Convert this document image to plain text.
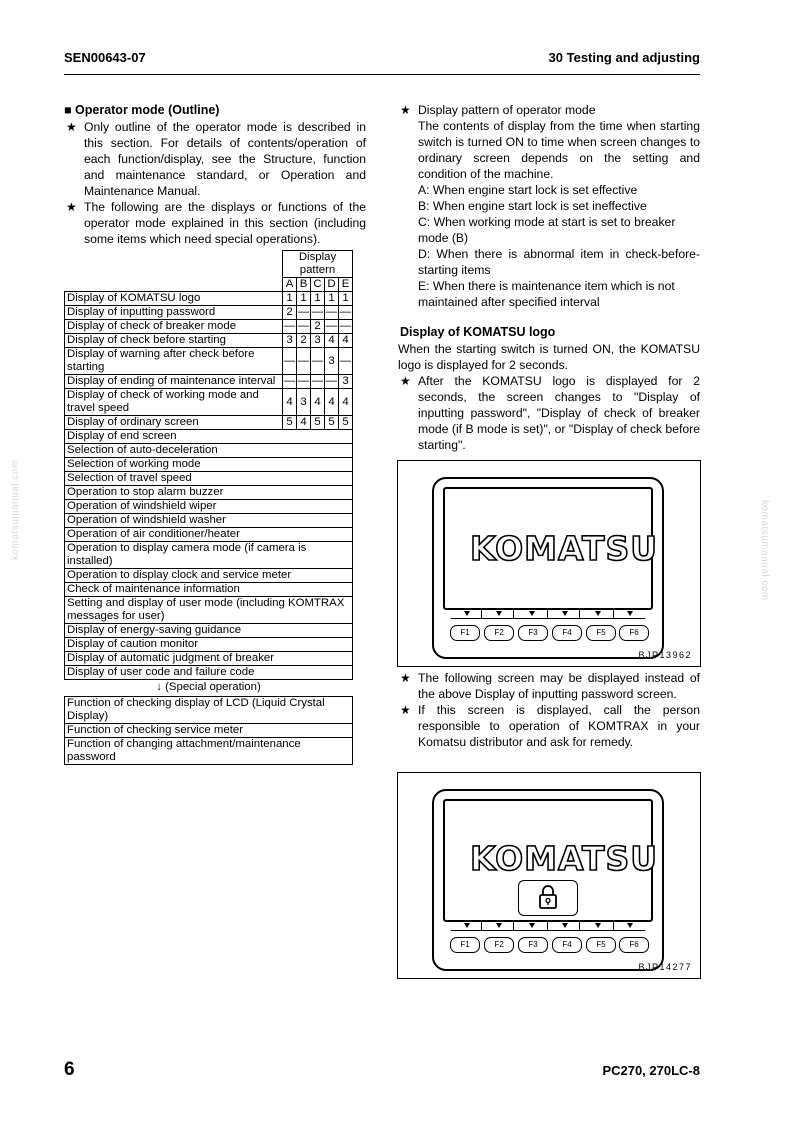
SEN00643-07	30 Testing and adjusting
komatsumanual.com	komatsumanual.com
■ Operator mode (Outline)
★ Only outline of the operator mode is described in this section. For details of contents/operation of each function/display, see the Structure, function and maintenance standard, or Operation and Maintenance Manual.
★ The following are the displays or functions of the operator mode explained in this section (including some items which need special operations).
	Display pattern				
	A	B	C	D	E
Display of KOMATSU logo	1	1	1	1	1
Display of inputting password	2	—	—	—	—
Display of check of breaker mode	—	—	2	—	—
Display of check before starting	3	2	3	4	4
Display of warning after check before starting	—	—	—	3	—
Display of ending of maintenance interval	—	—	—	—	3
Display of check of working mode and travel speed	4	3	4	4	4
Display of ordinary screen	5	4	5	5	5
Display of end screen					
Selection of auto-deceleration					
Selection of working mode					
Selection of travel speed					
Operation to stop alarm buzzer					
Operation of windshield wiper					
Operation of windshield washer					
Operation of air conditioner/heater					
Operation to display camera mode (if camera is installed)					
Operation to display clock and service meter					
Check of maintenance information					
Setting and display of user mode (including KOMTRAX messages for user)					
Display of energy-saving guidance					
Display of caution monitor					
Display of automatic judgment of breaker					
Display of user code and failure code					
↓ (Special operation)
Function of checking display of LCD (Liquid Crystal Display)
Function of checking service meter
Function of changing attachment/maintenance password
★ Display pattern of operator mode
The contents of display from the time when starting switch is turned ON to time when screen changes to ordinary screen depends on the setting and condition of the machine.
A: When engine start lock is set effective
B: When engine start lock is set ineffective
C: When working mode at start is set to breaker mode (B)
D: When there is abnormal item in check-before-starting items
E: When there is maintenance item which is not maintained after specified interval
Display of KOMATSU logo
When the starting switch is turned ON, the KOMATSU logo is displayed for 2 seconds.
★ After the KOMATSU logo is displayed for 2 seconds, the screen changes to "Display of inputting password", "Display of check of breaker mode (if B mode is set)", or "Display of check before starting".
KOMATSU
F1	F2	F3	F4	F5	F6
BJP13962
★ The following screen may be displayed instead of the above Display of inputting password screen.
★ If this screen is displayed, call the person responsible to operation of KOMTRAX in your Komatsu distributor and ask for remedy.
KOMATSU
F1	F2	F3	F4	F5	F6
BJP14277
6	PC270, 270LC-8
